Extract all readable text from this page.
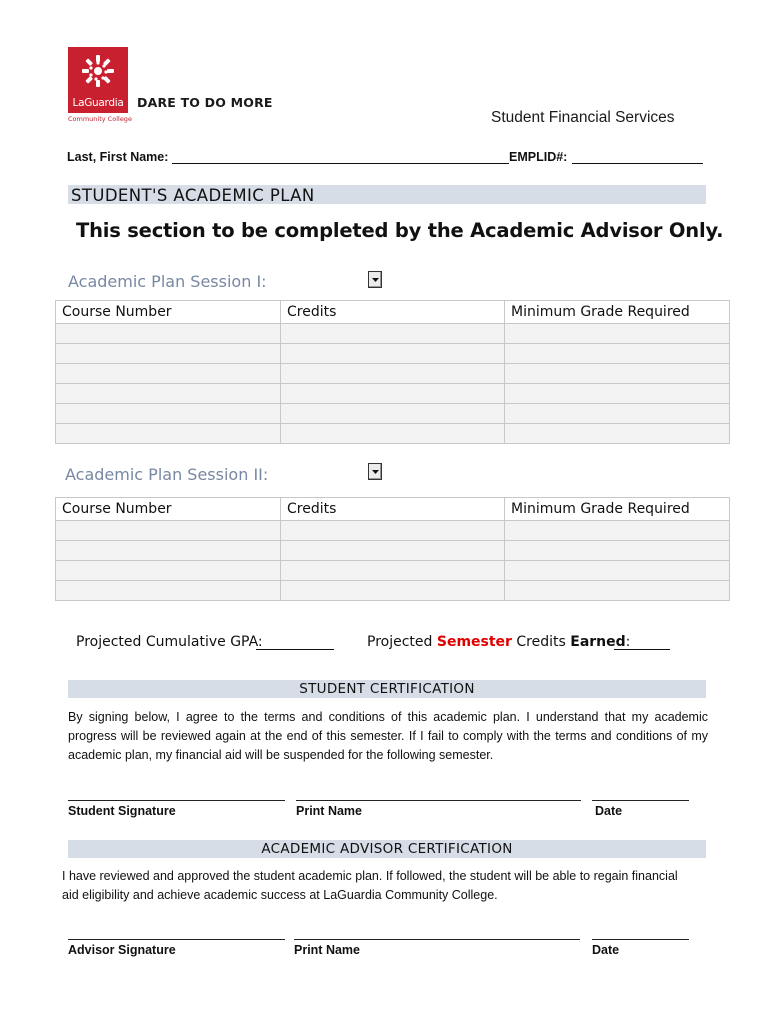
LaGuardia
Community College
DARE TO DO MORE
Student Financial Services
Last, First Name:	EMPLID#:
STUDENT'S ACADEMIC PLAN
This section to be completed by the Academic Advisor Only.
Academic Plan Session I:
Course Number	Credits	Minimum Grade Required

Academic Plan Session II:
Course Number	Credits	Minimum Grade Required

Projected Cumulative GPA:	Projected Semester Credits Earned:
STUDENT CERTIFICATION
By signing below, I agree to the terms and conditions of this academic plan. I understand that my academic progress will be reviewed again at the end of this semester. If I fail to comply with the terms and conditions of my academic plan, my financial aid will be suspended for the following semester.
Student Signature	Print Name	Date
ACADEMIC ADVISOR CERTIFICATION
I have reviewed and approved the student academic plan. If followed, the student will be able to regain financial aid eligibility and achieve academic success at LaGuardia Community College.
Advisor Signature	Print Name	Date
